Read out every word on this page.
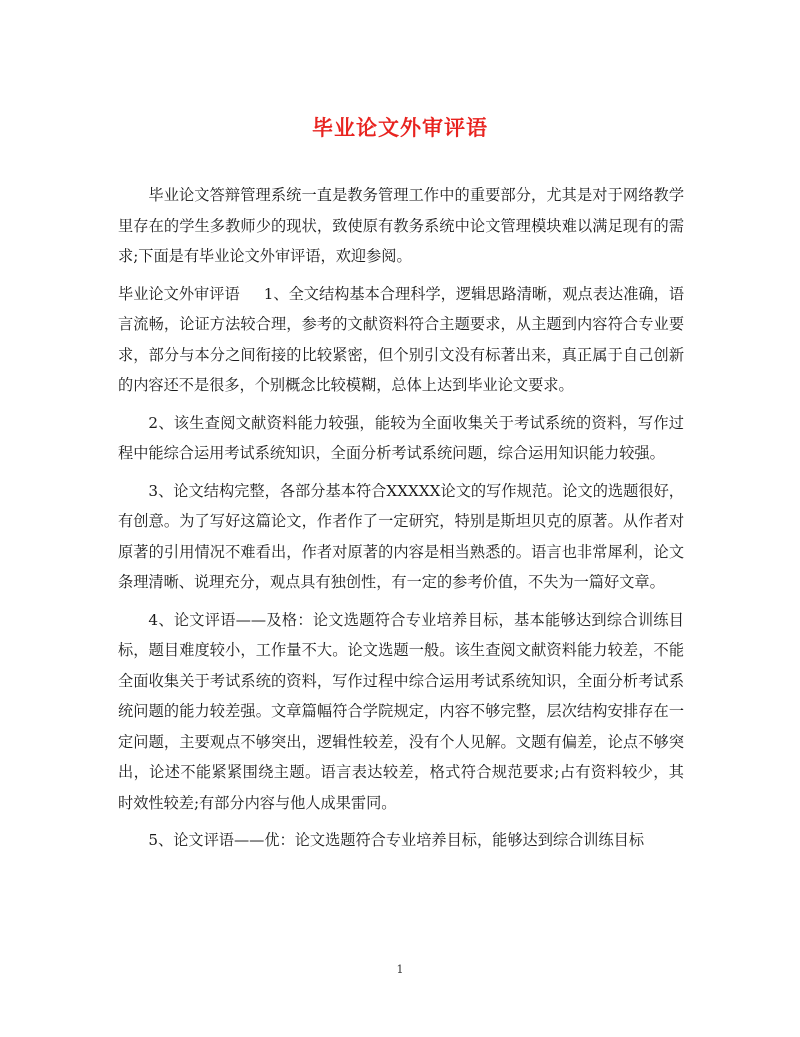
毕业论文外审评语

毕业论文答辩管理系统一直是教务管理工作中的重要部分，尤其是对于网络教学里存在的学生多教师少的现状，致使原有教务系统中论文管理模块难以满足现有的需求;下面是有毕业论文外审评语，欢迎参阅。

毕业论文外审评语 1、全文结构基本合理科学，逻辑思路清晰，观点表达准确，语言流畅，论证方法较合理，参考的文献资料符合主题要求，从主题到内容符合专业要求，部分与本分之间衔接的比较紧密，但个别引文没有标著出来，真正属于自己创新的内容还不是很多，个别概念比较模糊，总体上达到毕业论文要求。

2、该生查阅文献资料能力较强，能较为全面收集关于考试系统的资料，写作过程中能综合运用考试系统知识，全面分析考试系统问题，综合运用知识能力较强。

3、论文结构完整，各部分基本符合XXXXX论文的写作规范。论文的选题很好，有创意。为了写好这篇论文，作者作了一定研究，特别是斯坦贝克的原著。从作者对原著的引用情况不难看出，作者对原著的内容是相当熟悉的。语言也非常犀利，论文条理清晰、说理充分，观点具有独创性，有一定的参考价值，不失为一篇好文章。

4、论文评语——及格：论文选题符合专业培养目标，基本能够达到综合训练目标，题目难度较小，工作量不大。论文选题一般。该生查阅文献资料能力较差，不能全面收集关于考试系统的资料，写作过程中综合运用考试系统知识，全面分析考试系统问题的能力较差强。文章篇幅符合学院规定，内容不够完整，层次结构安排存在一定问题，主要观点不够突出，逻辑性较差，没有个人见解。文题有偏差，论点不够突出，论述不能紧紧围绕主题。语言表达较差，格式符合规范要求;占有资料较少，其时效性较差;有部分内容与他人成果雷同。

5、论文评语——优：论文选题符合专业培养目标，能够达到综合训练目标

1
